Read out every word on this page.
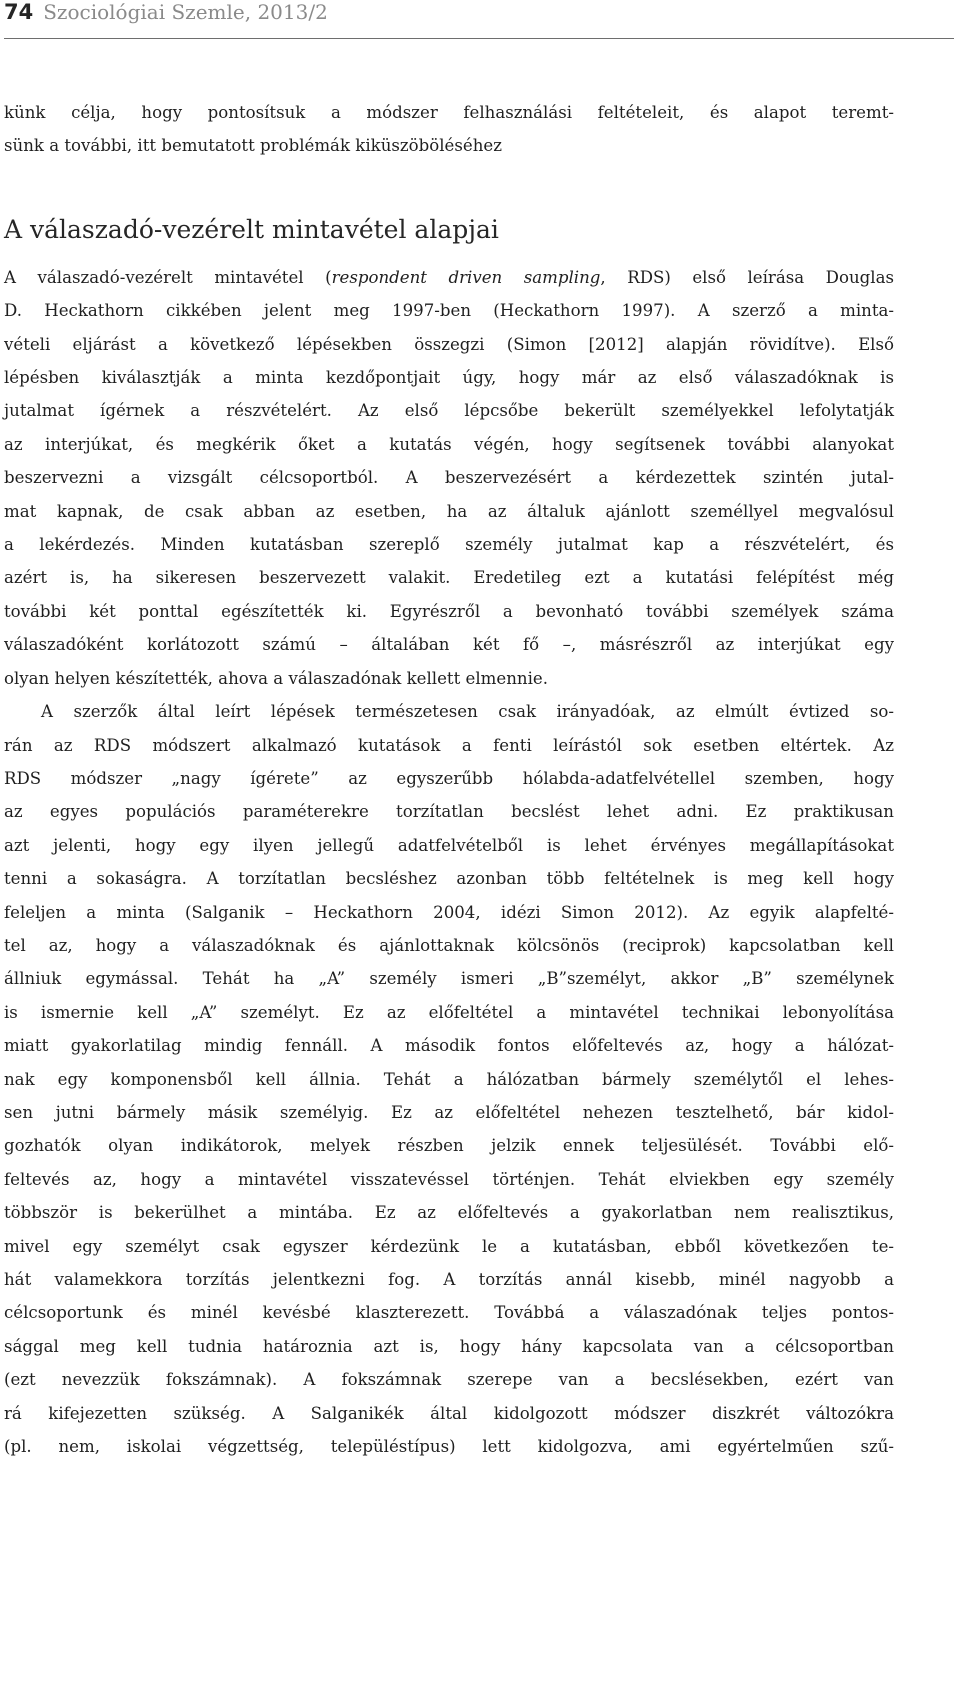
74 Szociológiai Szemle, 2013/2
künk célja, hogy pontosítsuk a módszer felhasználási feltételeit, és alapot teremt-
sünk a további, itt bemutatott problémák kiküszöböléséhez
A válaszadó-vezérelt mintavétel alapjai
A válaszadó-vezérelt mintavétel (respondent driven sampling, RDS) első leírása Douglas
D. Heckathorn cikkében jelent meg 1997-ben (Heckathorn 1997). A szerző a minta-
vételi eljárást a következő lépésekben összegzi (Simon [2012] alapján rövidítve). Első
lépésben kiválasztják a minta kezdőpontjait úgy, hogy már az első válaszadóknak is
jutalmat ígérnek a részvételért. Az első lépcsőbe bekerült személyekkel lefolytatják
az interjúkat, és megkérik őket a kutatás végén, hogy segítsenek további alanyokat
beszervezni a vizsgált célcsoportból. A beszervezésért a kérdezettek szintén jutal-
mat kapnak, de csak abban az esetben, ha az általuk ajánlott személlyel megvalósul
a lekérdezés. Minden kutatásban szereplő személy jutalmat kap a részvételért, és
azért is, ha sikeresen beszervezett valakit. Eredetileg ezt a kutatási felépítést még
további két ponttal egészítették ki. Egyrészről a bevonható további személyek száma
válaszadóként korlátozott számú – általában két fő –, másrészről az interjúkat egy
olyan helyen készítették, ahova a válaszadónak kellett elmennie.
A szerzők által leírt lépések természetesen csak irányadóak, az elmúlt évtized so-
rán az RDS módszert alkalmazó kutatások a fenti leírástól sok esetben eltértek. Az
RDS módszer „nagy ígérete” az egyszerűbb hólabda-adatfelvétellel szemben, hogy
az egyes populációs paraméterekre torzítatlan becslést lehet adni. Ez praktikusan
azt jelenti, hogy egy ilyen jellegű adatfelvételből is lehet érvényes megállapításokat
tenni a sokaságra. A torzítatlan becsléshez azonban több feltételnek is meg kell hogy
feleljen a minta (Salganik – Heckathorn 2004, idézi Simon 2012). Az egyik alapfelté-
tel az, hogy a válaszadóknak és ajánlottaknak kölcsönös (reciprok) kapcsolatban kell
állniuk egymással. Tehát ha „A” személy ismeri „B”személyt, akkor „B” személynek
is ismernie kell „A” személyt. Ez az előfeltétel a mintavétel technikai lebonyolítása
miatt gyakorlatilag mindig fennáll. A második fontos előfeltevés az, hogy a hálózat-
nak egy komponensből kell állnia. Tehát a hálózatban bármely személytől el lehes-
sen jutni bármely másik személyig. Ez az előfeltétel nehezen tesztelhető, bár kidol-
gozhatók olyan indikátorok, melyek részben jelzik ennek teljesülését. További elő-
feltevés az, hogy a mintavétel visszatevéssel történjen. Tehát elviekben egy személy
többször is bekerülhet a mintába. Ez az előfeltevés a gyakorlatban nem realisztikus,
mivel egy személyt csak egyszer kérdezünk le a kutatásban, ebből következően te-
hát valamekkora torzítás jelentkezni fog. A torzítás annál kisebb, minél nagyobb a
célcsoportunk és minél kevésbé klaszterezett. Továbbá a válaszadónak teljes pontos-
sággal meg kell tudnia határoznia azt is, hogy hány kapcsolata van a célcsoportban
(ezt nevezzük fokszámnak). A fokszámnak szerepe van a becslésekben, ezért van
rá kifejezetten szükség. A Salganikék által kidolgozott módszer diszkrét változókra
(pl. nem, iskolai végzettség, településtípus) lett kidolgozva, ami egyértelműen szű-
